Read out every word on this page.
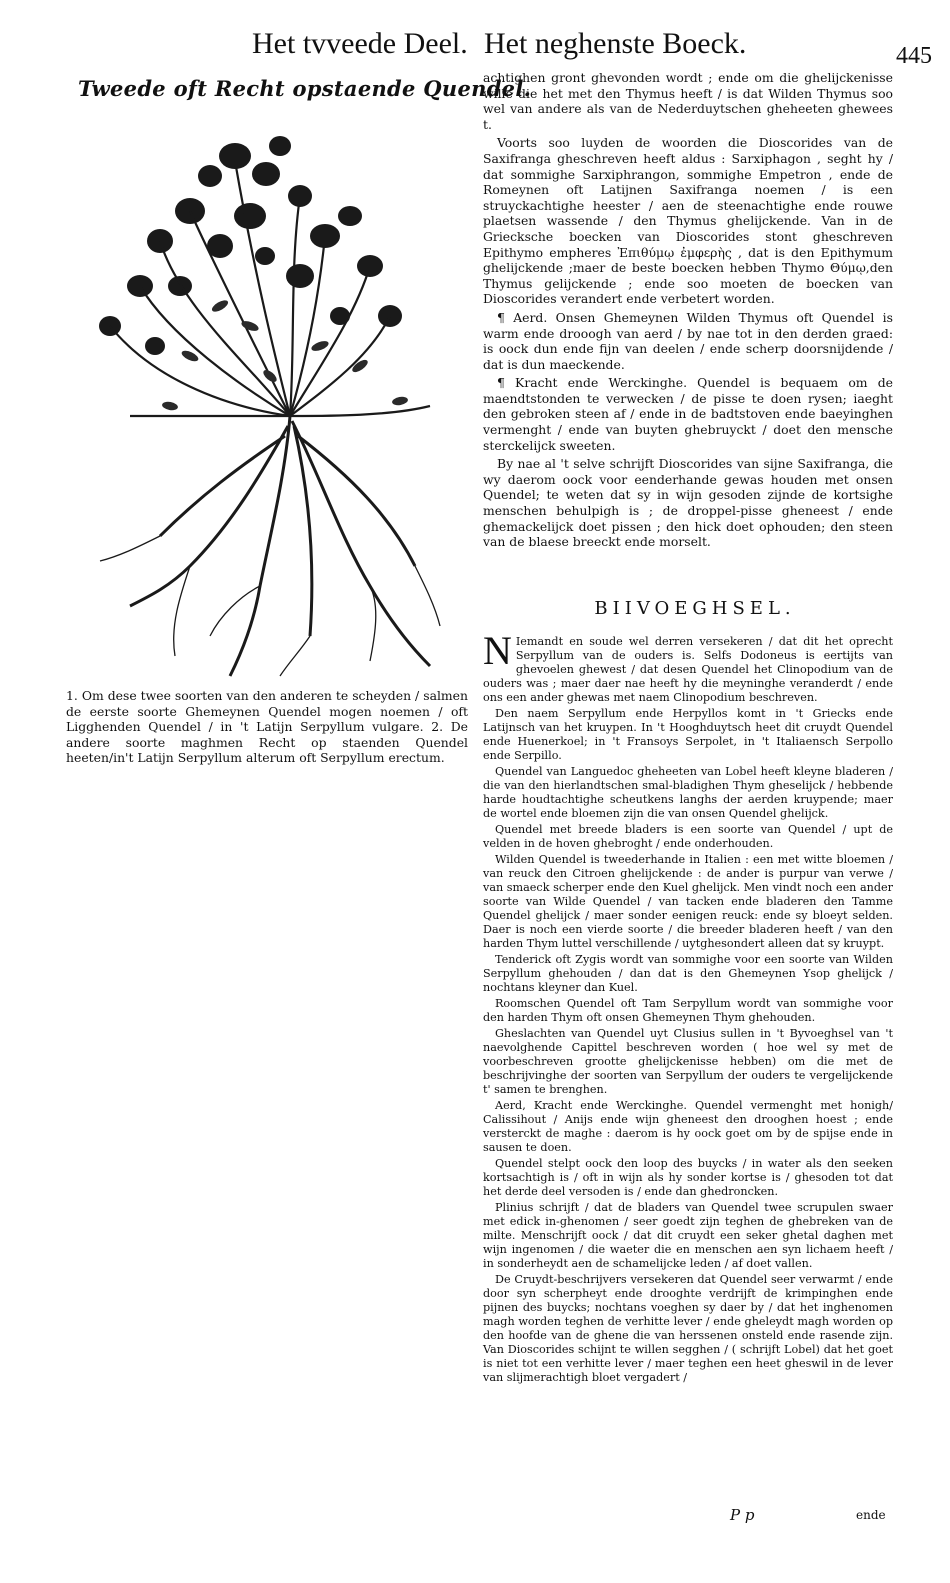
Het tvveede Deel. Het neghenste Boeck.	445
Tweede oft Recht opstaende Quendel.

1. Om dese twee soorten van den anderen te scheyden / salmen de eerste soorte Ghemeynen Quendel mogen noemen / oft Ligghenden Quendel / in 't Latijn Serpyllum vulgare. 2. De andere soorte maghmen Recht op staenden Quendel heeten/in't Latijn Serpyllum alterum oft Serpyllum erectum.

achtighen gront ghevonden wordt ; ende om die ghelijckenisse wille die het met den Thymus heeft / is dat Wilden Thymus soo wel van andere als van de Nederduytschen gheheeten ghewees t.

Voorts soo luyden de woorden die Dioscorides van de Saxifranga gheschreven heeft aldus : Sarxiphagon , seght hy / dat sommighe Sarxiphrangon, sommighe Empetron , ende de Romeynen oft Latijnen Saxifranga noemen / is een struyckachtighe heester / aen de steenachtighe ende rouwe plaetsen wassende / den Thymus ghelijckende. Van in de Griecksche boecken van Dioscorides stont gheschreven Epithymo empheres Ἐπιθύμῳ ἐμφερὴς , dat is den Epithymum ghelijckende ;maer de beste boecken hebben Thymo Θύμῳ,den Thymus gelijckende ; ende soo moeten de boecken van Dioscorides verandert ende verbetert worden.

¶ Aerd. Onsen Ghemeynen Wilden Thymus oft Quendel is warm ende drooogh van aerd / by nae tot in den derden graed: is oock dun ende fijn van deelen / ende scherp doorsnijdende / dat is dun maeckende.

¶ Kracht ende Werckinghe. Quendel is bequaem om de maendtstonden te verwecken / de pisse te doen rysen; iaeght den gebroken steen af / ende in de badtstoven ende baeyinghen vermenght / ende van buyten ghebruyckt / doet den mensche sterckelijck sweeten.

By nae al 't selve schrijft Dioscorides van sijne Saxifranga, die wy daerom oock voor eenderhande gewas houden met onsen Quendel; te weten dat sy in wijn gesoden zijnde de kortsighe menschen behulpigh is ; de droppel-pisse gheneest / ende ghemackelijck doet pissen ; den hick doet ophouden; den steen van de blaese breeckt ende morselt.

BIIVOEGHSEL.

N Iemandt en soude wel derren versekeren / dat dit het oprecht Serpyllum van de ouders is. Selfs Dodoneus is eertijts van ghevoelen ghewest / dat desen Quendel het Clinopodium van de ouders was ; maer daer nae heeft hy die meyninghe veranderdt / ende ons een ander ghewas met naem Clinopodium beschreven.

Den naem Serpyllum ende Herpyllos komt in 't Griecks ende Latijnsch van het kruypen. In 't Hooghduytsch heet dit cruydt Quendel ende Huenerkoel; in 't Fransoys Serpolet, in 't Italiaensch Serpollo ende Serpillo.

Quendel van Languedoc gheheeten van Lobel heeft kleyne bladeren / die van den hierlandtschen smal-bladighen Thym gheselijck / hebbende harde houdtachtighe scheutkens langhs der aerden kruypende; maer de wortel ende bloemen zijn die van onsen Quendel ghelijck.

Quendel met breede bladers is een soorte van Quendel / upt de velden in de hoven ghebroght / ende onderhouden.

Wilden Quendel is tweederhande in Italien : een met witte bloemen / van reuck den Citroen ghelijckende : de ander is purpur van verwe / van smaeck scherper ende den Kuel ghelijck. Men vindt noch een ander soorte van Wilde Quendel / van tacken ende bladeren den Tamme Quendel ghelijck / maer sonder eenigen reuck: ende sy bloeyt selden. Daer is noch een vierde soorte / die breeder bladeren heeft / van den harden Thym luttel verschillende / uytghesondert alleen dat sy kruypt.

Tenderick oft Zygis wordt van sommighe voor een soorte van Wilden Serpyllum ghehouden / dan dat is den Ghemeynen Ysop ghelijck / nochtans kleyner dan Kuel.

Roomschen Quendel oft Tam Serpyllum wordt van sommighe voor den harden Thym oft onsen Ghemeynen Thym ghehouden.

Gheslachten van Quendel uyt Clusius sullen in 't Byvoeghsel van 't naevolghende Capittel beschreven worden ( hoe wel sy met de voorbeschreven grootte ghelijckenisse hebben) om die met de beschrijvinghe der soorten van Serpyllum der ouders te vergelijckende t' samen te brenghen.

Aerd, Kracht ende Werckinghe. Quendel vermenght met honigh/ Calissihout / Anijs ende wijn gheneest den drooghen hoest ; ende versterckt de maghe : daerom is hy oock goet om by de spijse ende in sausen te doen.

Quendel stelpt oock den loop des buycks / in water als den seeken kortsachtigh is / oft in wijn als hy sonder kortse is / ghesoden tot dat het derde deel versoden is / ende dan ghedroncken.

Plinius schrijft / dat de bladers van Quendel twee scrupulen swaer met edick in-ghenomen / seer goedt zijn teghen de ghebreken van de milte. Menschrijft oock / dat dit cruydt een seker ghetal daghen met wijn ingenomen / die waeter die en menschen aen syn lichaem heeft / in sonderheydt aen de schamelijcke leden / af doet vallen.

De Cruydt-beschrijvers versekeren dat Quendel seer verwarmt / ende door syn scherpheyt ende drooghte verdrijft de krimpinghen ende pijnen des buycks; nochtans voeghen sy daer by / dat het inghenomen magh worden teghen de verhitte lever / ende gheleydt magh worden op den hoofde van de ghene die van herssenen onsteld ende rasende zijn. Van Dioscorides schijnt te willen segghen / ( schrijft Lobel) dat het goet is niet tot een verhitte lever / maer teghen een heet gheswil in de lever van slijmerachtigh bloet vergadert /

P p	ende
